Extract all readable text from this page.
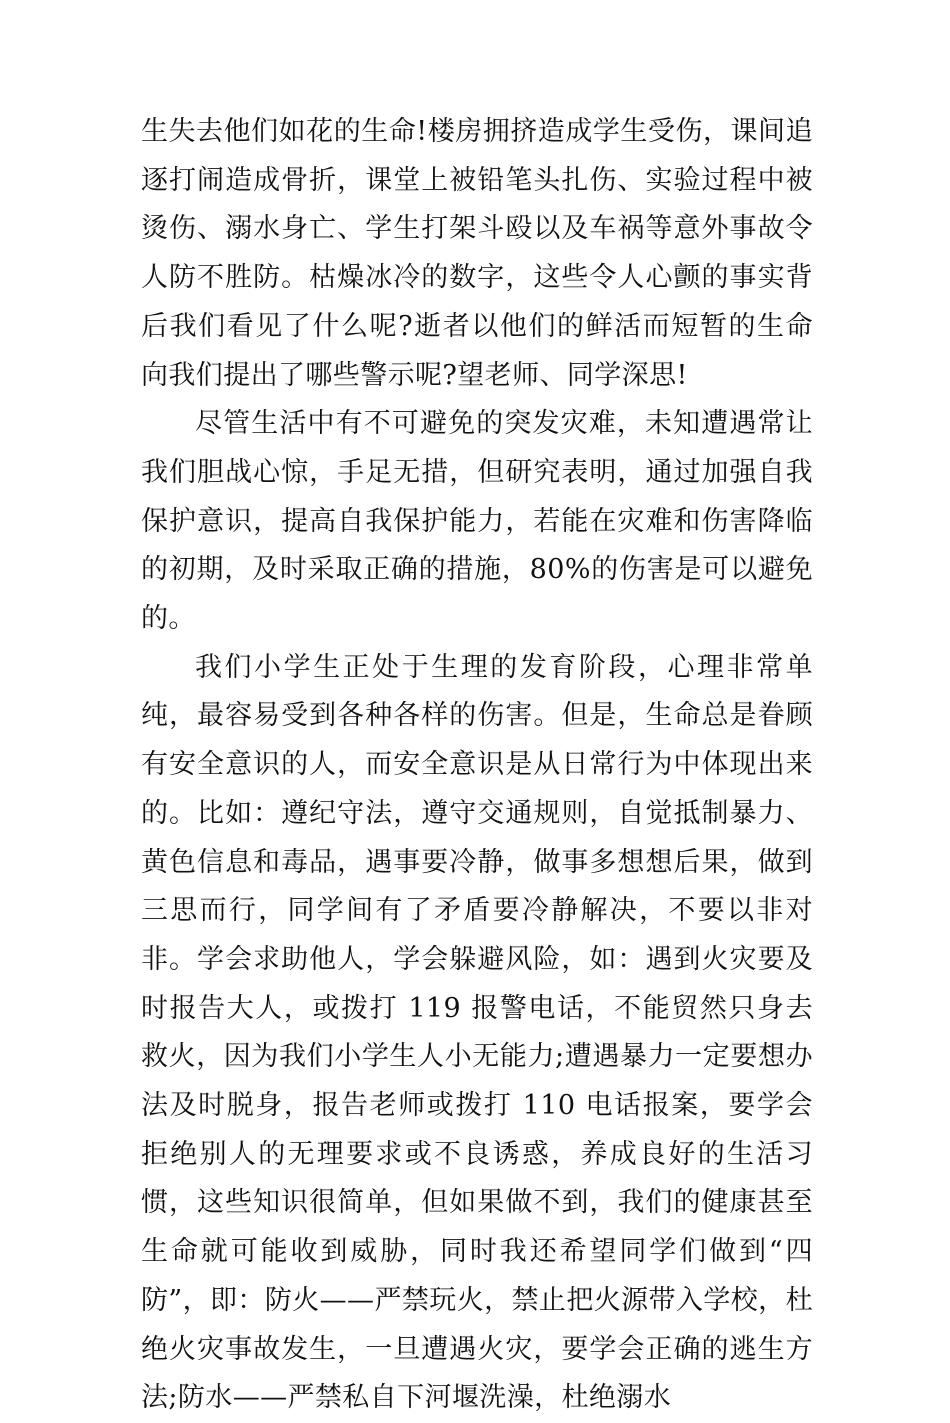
生失去他们如花的生命!楼房拥挤造成学生受伤，课间追逐打闹造成骨折，课堂上被铅笔头扎伤、实验过程中被烫伤、溺水身亡、学生打架斗殴以及车祸等意外事故令人防不胜防。枯燥冰冷的数字，这些令人心颤的事实背后我们看见了什么呢?逝者以他们的鲜活而短暂的生命向我们提出了哪些警示呢?望老师、同学深思!

尽管生活中有不可避免的突发灾难，未知遭遇常让我们胆战心惊，手足无措，但研究表明，通过加强自我保护意识，提高自我保护能力，若能在灾难和伤害降临的初期，及时采取正确的措施，80%的伤害是可以避免的。

我们小学生正处于生理的发育阶段，心理非常单纯，最容易受到各种各样的伤害。但是，生命总是眷顾有安全意识的人，而安全意识是从日常行为中体现出来的。比如：遵纪守法，遵守交通规则，自觉抵制暴力、黄色信息和毒品，遇事要冷静，做事多想想后果，做到三思而行，同学间有了矛盾要冷静解决，不要以非对非。学会求助他人，学会躲避风险，如：遇到火灾要及时报告大人，或拨打 119 报警电话，不能贸然只身去救火，因为我们小学生人小无能力;遭遇暴力一定要想办法及时脱身，报告老师或拨打 110 电话报案，要学会拒绝别人的无理要求或不良诱惑，养成良好的生活习惯，这些知识很简单，但如果做不到，我们的健康甚至生命就可能收到威胁，同时我还希望同学们做到“四防”，即：防火——严禁玩火，禁止把火源带入学校，杜绝火灾事故发生，一旦遭遇火灾，要学会正确的逃生方法;防水——严禁私自下河堰洗澡，杜绝溺水
